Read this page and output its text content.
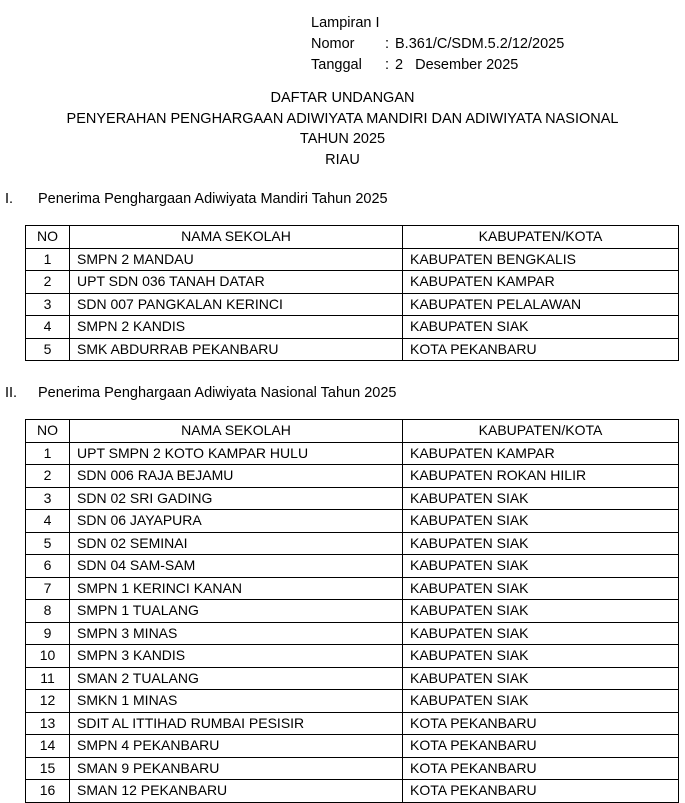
Lampiran I
Nomor	: B.361/C/SDM.5.2/12/2025
Tanggal	: 2   Desember 2025
DAFTAR UNDANGAN
PENYERAHAN PENGHARGAAN ADIWIYATA MANDIRI DAN ADIWIYATA NASIONAL
TAHUN 2025
RIAU
I.	Penerima Penghargaan Adiwiyata Mandiri Tahun 2025
NO	NAMA SEKOLAH	KABUPATEN/KOTA
1	SMPN 2 MANDAU	KABUPATEN BENGKALIS
2	UPT SDN 036 TANAH DATAR	KABUPATEN KAMPAR
3	SDN 007 PANGKALAN KERINCI	KABUPATEN PELALAWAN
4	SMPN 2 KANDIS	KABUPATEN SIAK
5	SMK ABDURRAB PEKANBARU	KOTA PEKANBARU
II.	Penerima Penghargaan Adiwiyata Nasional Tahun 2025
NO	NAMA SEKOLAH	KABUPATEN/KOTA
1	UPT SMPN 2 KOTO KAMPAR HULU	KABUPATEN KAMPAR
2	SDN 006 RAJA BEJAMU	KABUPATEN ROKAN HILIR
3	SDN 02 SRI GADING	KABUPATEN SIAK
4	SDN 06 JAYAPURA	KABUPATEN SIAK
5	SDN 02 SEMINAI	KABUPATEN SIAK
6	SDN 04 SAM-SAM	KABUPATEN SIAK
7	SMPN 1 KERINCI KANAN	KABUPATEN SIAK
8	SMPN 1 TUALANG	KABUPATEN SIAK
9	SMPN 3 MINAS	KABUPATEN SIAK
10	SMPN 3 KANDIS	KABUPATEN SIAK
11	SMAN 2 TUALANG	KABUPATEN SIAK
12	SMKN 1 MINAS	KABUPATEN SIAK
13	SDIT AL ITTIHAD RUMBAI PESISIR	KOTA PEKANBARU
14	SMPN 4 PEKANBARU	KOTA PEKANBARU
15	SMAN 9 PEKANBARU	KOTA PEKANBARU
16	SMAN 12 PEKANBARU	KOTA PEKANBARU
